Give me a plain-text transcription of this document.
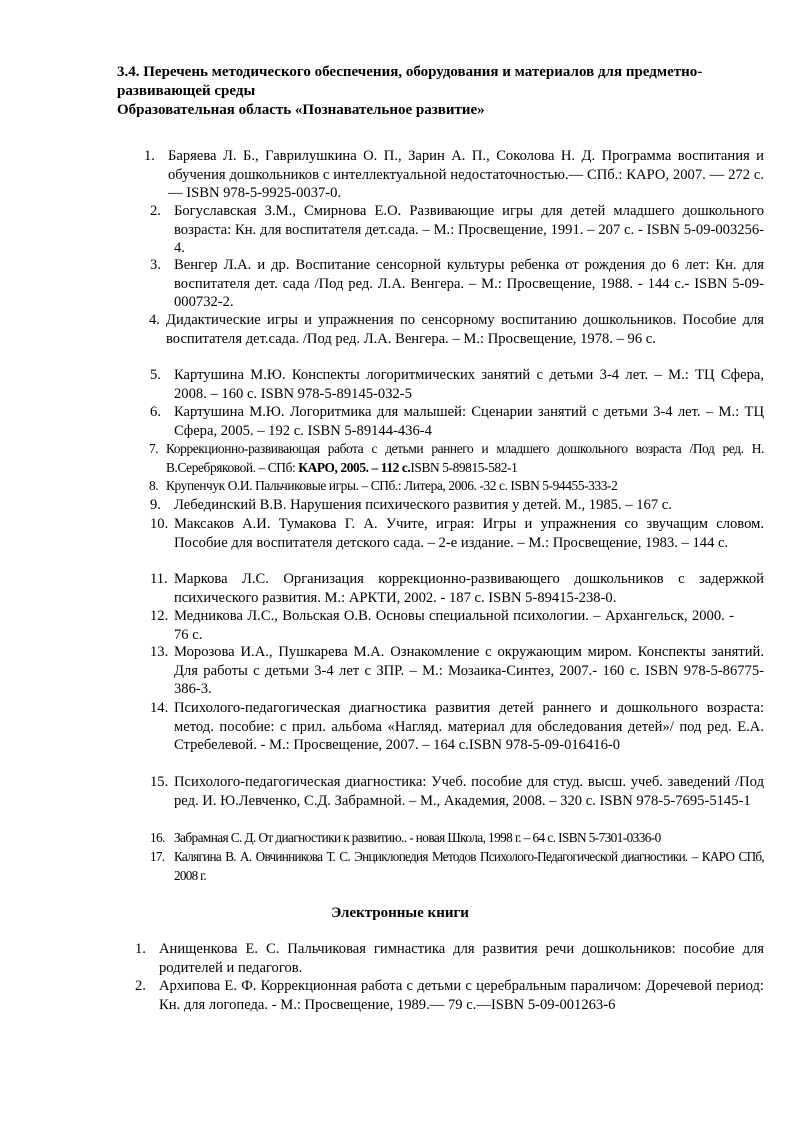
3.4. Перечень методического обеспечения, оборудования и материалов для предметно-
развивающей среды
Образовательная область «Познавательное развитие»
1. Баряева Л. Б., Гаврилушкина О. П., Зарин А. П., Соколова Н. Д. Программа воспитания и обучения дошкольников с интеллектуальной недостаточностью.— СПб.: КАРО, 2007. — 272 с. — ISBN 978-5-9925-0037-0.
2. Богуславская З.М., Смирнова Е.О. Развивающие игры для детей младшего дошкольного возраста: Кн. для воспитателя дет.сада. – М.: Просвещение, 1991. – 207 с. - ISBN 5-09-003256-4.
3. Венгер Л.А. и др. Воспитание сенсорной культуры ребенка от рождения до 6 лет: Кн. для воспитателя дет. сада /Под ред. Л.А. Венгера. – М.: Просвещение, 1988. - 144 с.- ISBN 5-09-000732-2.
4. Дидактические игры и упражнения по сенсорному воспитанию дошкольников. Пособие для воспитателя дет.сада. /Под ред. Л.А. Венгера. – М.: Просвещение, 1978. – 96 с.
5. Картушина М.Ю. Конспекты логоритмических занятий с детьми 3-4 лет. – М.: ТЦ Сфера, 2008. – 160 с. ISBN 978-5-89145-032-5
6. Картушина М.Ю. Логоритмика для малышей: Сценарии занятий с детьми 3-4 лет. – М.: ТЦ Сфера, 2005. – 192 с. ISBN 5-89144-436-4
7. Коррекционно-развивающая работа с детьми раннего и младшего дошкольного возраста /Под ред. Н. В.Серебряковой. – СПб: КАРО, 2005. – 112 с.ISBN 5-89815-582-1
8. Крупенчук О.И. Пальчиковые игры. – СПб.: Литера, 2006. -32 с. ISBN 5-94455-333-2
9. Лебединский В.В. Нарушения психического развития у детей. М., 1985. – 167 с.
10. Максаков А.И. Тумакова Г. А. Учите, играя: Игры и упражнения со звучащим словом. Пособие для воспитателя детского сада. – 2-е издание. – М.: Просвещение, 1983. – 144 с.
11. Маркова Л.С. Организация коррекционно-развивающего дошкольников с задержкой психического развития. М.: АРКТИ, 2002. - 187 с. ISBN 5-89415-238-0.
12. Медникова Л.С., Вольская О.В. Основы специальной психологии. – Архангельск, 2000. - 76 с.
13. Морозова И.А., Пушкарева М.А. Ознакомление с окружающим миром. Конспекты занятий. Для работы с детьми 3-4 лет с ЗПР. – М.: Мозаика-Синтез, 2007.- 160 с. ISBN 978-5-86775-386-3.
14. Психолого-педагогическая диагностика развития детей раннего и дошкольного возраста: метод. пособие: с прил. альбома «Нагляд. материал для обследования детей»/ под ред. Е.А. Стребелевой. - М.: Просвещение, 2007. – 164 с.ISBN 978-5-09-016416-0
15. Психолого-педагогическая диагностика: Учеб. пособие для студ. высш. учеб. заведений /Под ред. И. Ю.Левченко, С.Д. Забрамной. – М., Академия, 2008. – 320 с. ISBN 978-5-7695-5145-1
16. Забрамная С. Д. От диагностики к развитию.. - новая Школа, 1998 г. – 64 с. ISBN 5-7301-0336-0
17. Калягина В. А. Овчинникова Т. С. Энциклопедия Методов Психолого-Педагогической диагностики. – КАРО СПб, 2008 г.
Электронные книги
1. Анищенкова Е. С. Пальчиковая гимнастика для развития речи дошкольников: пособие для родителей и педагогов.
2. Архипова Е. Ф. Коррекционная работа с детьми с церебральным параличом: Доречевой период: Кн. для логопеда. - М.: Просвещение, 1989.— 79 с.—ISBN 5-09-001263-6
